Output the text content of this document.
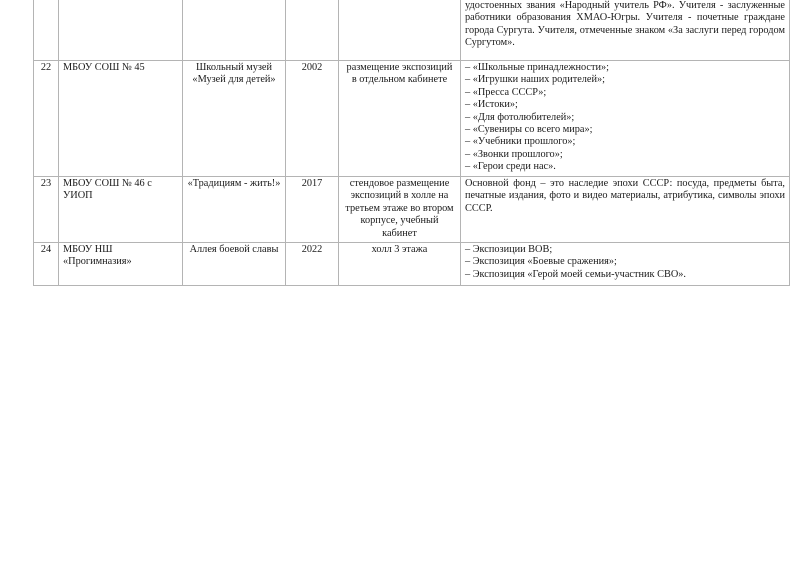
					удостоенных звания «Народный учитель РФ». Учителя - заслуженные работники образования ХМАО-Югры. Учителя - почетные граждане города Сургута. Учителя, отмеченные знаком «За заслуги перед городом Сургутом».

22	МБОУ СОШ № 45	Школьный музей «Музей для детей»	2002	размещение экспозиций в отдельном кабинете	
– «Школьные принадлежности»;
– «Игрушки наших родителей»;
– «Пресса СССР»;
– «Истоки»;
– «Для фотолюбителей»;
– «Сувениры со всего мира»;
– «Учебники прошлого»;
– «Звонки прошлого»;
– «Герои среди нас».

23	МБОУ СОШ № 46 с УИОП	«Традициям - жить!»	2017	стендовое размещение экспозиций в холле на третьем этаже во втором корпусе, учебный кабинет	Основной фонд – это наследие эпохи СССР: посуда, предметы быта, печатные издания, фото и видео материалы, атрибутика, символы эпохи СССР.

24	МБОУ НШ «Прогимназия»	Аллея боевой славы	2022	холл 3 этажа	– Экспозиции ВОВ;
– Экспозиция «Боевые сражения»;
– Экспозиция «Герой моей семьи-участник СВО».
